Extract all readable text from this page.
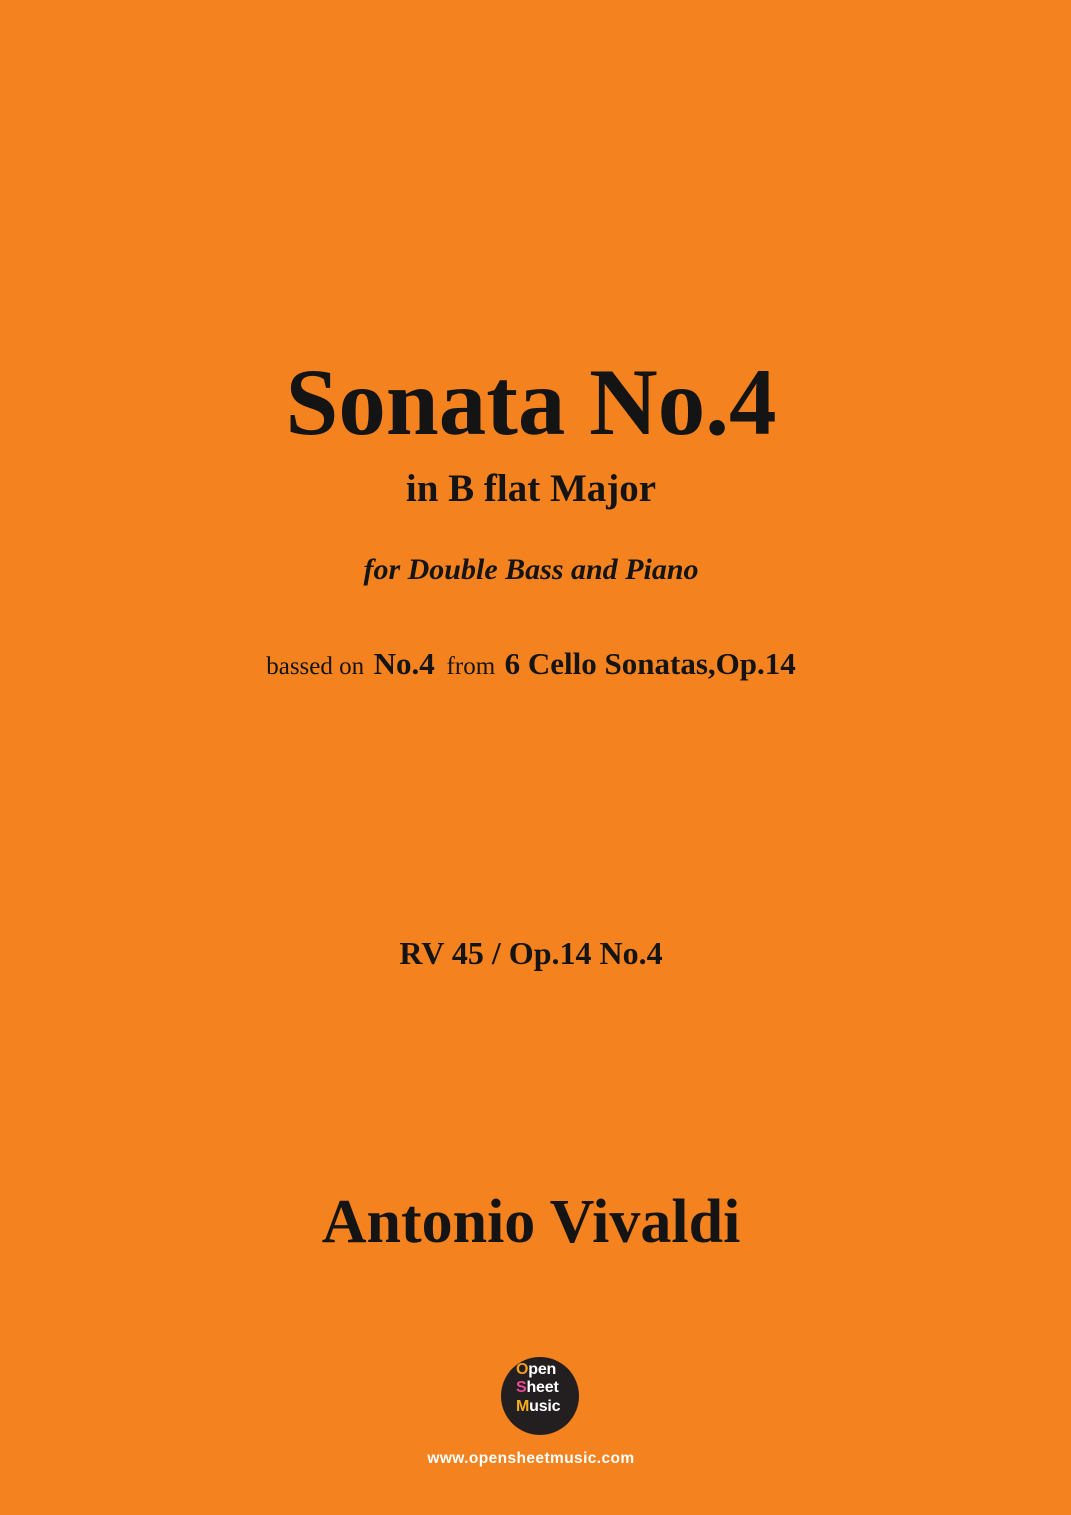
Sonata No.4
in B flat Major
for Double Bass and Piano
bassed on No.4 from 6 Cello Sonatas,Op.14
RV 45 / Op.14 No.4
Antonio Vivaldi
Open
Sheet
Music
www.opensheetmusic.com
